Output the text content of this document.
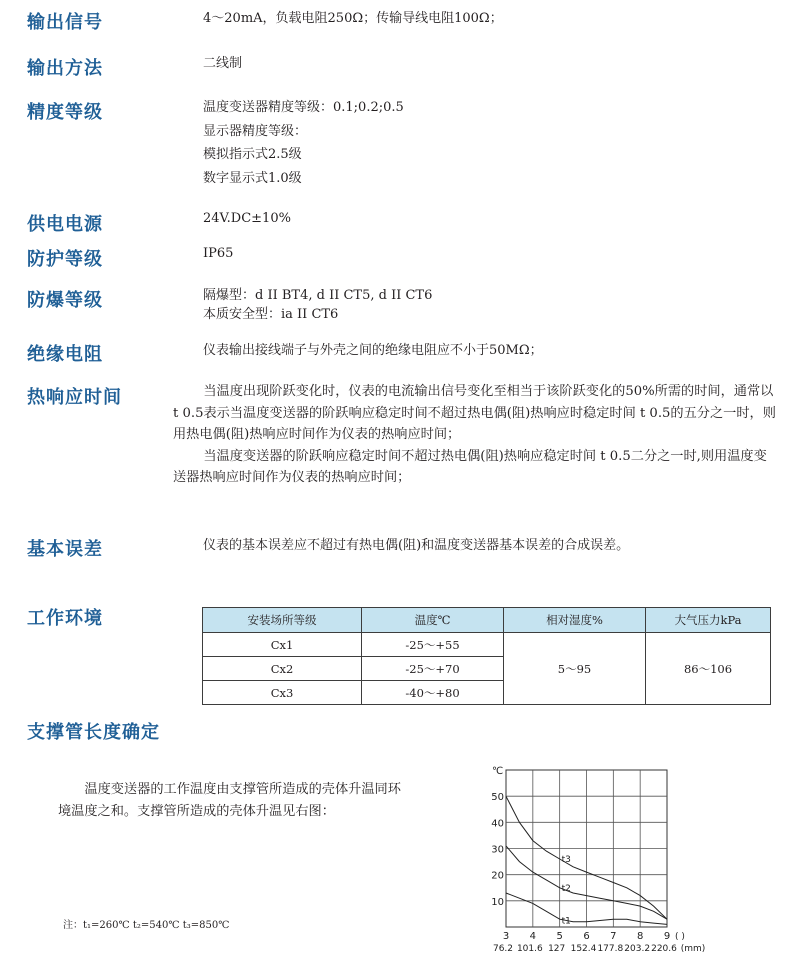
输出信号	4～20mA，负载电阻250Ω；传输导线电阻100Ω；
输出方法	二线制
精度等级	温度变送器精度等级：0.1;0.2;0.5
显示器精度等级：
模拟指示式2.5级
数字显示式1.0级
供电电源	24V.DC±10%
防护等级	IP65
防爆等级	隔爆型：d II BT4, d II CT5, d II CT6
本质安全型：ia II CT6
绝缘电阻	仪表输出接线端子与外壳之间的绝缘电阻应不小于50MΩ；
热响应时间	当温度出现阶跃变化时，仪表的电流输出信号变化至相当于该阶跃变化的50%所需的时间，通常以 t 0.5表示当温度变送器的阶跃响应稳定时间不超过热电偶(阻)热响应时稳定时间 t 0.5的五分之一时，则用热电偶(阻)热响应时间作为仪表的热响应时间；

当温度变送器的阶跃响应稳定时间不超过热电偶(阻)热响应稳定时间 t 0.5二分之一时,则用温度变送器热响应时间作为仪表的热响应时间；

基本误差	仪表的基本误差应不超过有热电偶(阻)和温度变送器基本误差的合成误差。
工作环境	安装场所等级	温度℃	相对湿度%	大气压力kPa
Cx1	-25～+55	5～95	86～106
Cx2	-25～+70		
Cx3	-40～+80		
支撑管长度确定

温度变送器的工作温度由支撑管所造成的壳体升温同环境温度之和。支撑管所造成的壳体升温见右图：

注：t₁=260℃ t₂=540℃ t₃=850℃
3
76.2
4
101.6
5
127
6
152.4
7
177.8
8
203.2
9
220.6
10
20
30
40
50
℃
( )
(mm)
t3
t2
t1
